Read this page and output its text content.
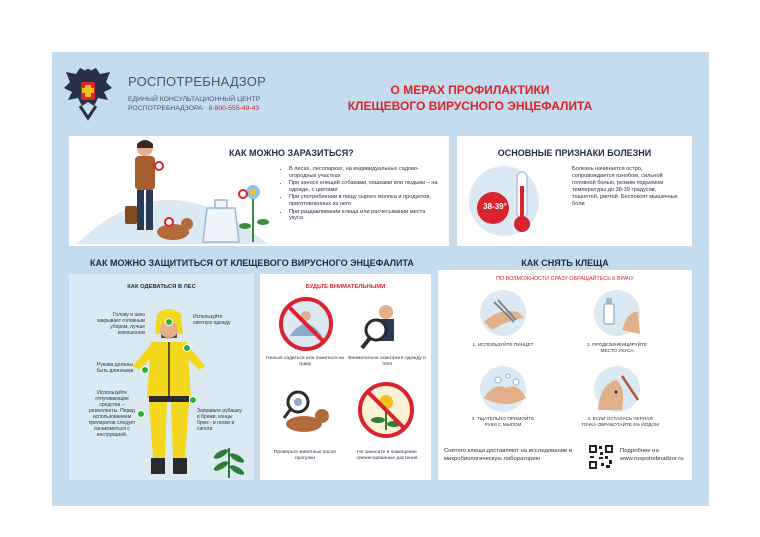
РОСПОТРЕБНАДЗОР
ЕДИНЫЙ КОНСУЛЬТАЦИОННЫЙ ЦЕНТР
РОСПОТРЕБНАДЗОРА 8-800-555-49-43
О МЕРАХ ПРОФИЛАКТИКИ
КЛЕЩЕВОГО ВИРУСНОГО ЭНЦЕФАЛИТА
КАК МОЖНО ЗАРАЗИТЬСЯ?
• В лесах, лесопарках, на индивидуальных садово-огородных участках
• При заносе клещей собаками, кошками или людьми – на одежде, с цветами
• При употреблении в пищу сырого молока и продуктов, приготовленных из него
• При раздавливании клеща или расчесывании места укуса
ОСНОВНЫЕ ПРИЗНАКИ БОЛЕЗНИ
38-39°
Болезнь начинается остро, сопровождается ознобом, сильной головной болью, резким подъемом температуры до 38-39 градусов, тошнотой, рвотой. Беспокоят мышечные боли
КАК МОЖНО ЗАЩИТИТЬСЯ ОТ КЛЕЩЕВОГО ВИРУСНОГО ЭНЦЕФАЛИТА
КАК ОДЕВАТЬСЯ В ЛЕС
Голову и шею закрывает головным убором, лучше капюшоном
Используйте светлую одежду
Рукава должны быть длинными
Используйте отпугивающие средства – репелленты. Перед использованием препаратов следует ознакомиться с инструкцией.
Заправьте рубашку в брюки, концы брюк - в носки и сапоги
БУДЬТЕ ВНИМАТЕЛЬНЫМИ
Нельзя садиться или ложиться на траву
Внимательно осмотрите одежду и тело
Проверьте животных после прогулки
Не заносите в помещение свежесорванные растения
КАК СНЯТЬ КЛЕЩА
ПО ВОЗМОЖНОСТИ СРАЗУ ОБРАЩАЙТЕСЬ К ВРАЧУ
1. ИСПОЛЬЗУЙТЕ ПИНЦЕТ	2. ПРОДЕЗИНФИЦИРУЙТЕ МЕСТО УКУСА
3. ТЩАТЕЛЬНО ПРОМОЙТЕ РУКИ С МЫЛОМ
4. ЕСЛИ ОСТАЛАСЬ ЧЕРНАЯ ТОЧКА ОБРАБОТАЙТЕ 5% ЙОДОМ
Снятого клеща доставляют на исследование в микробиологическую лабораторию
Подробнее на
www.rospotrebnadzor.ru
